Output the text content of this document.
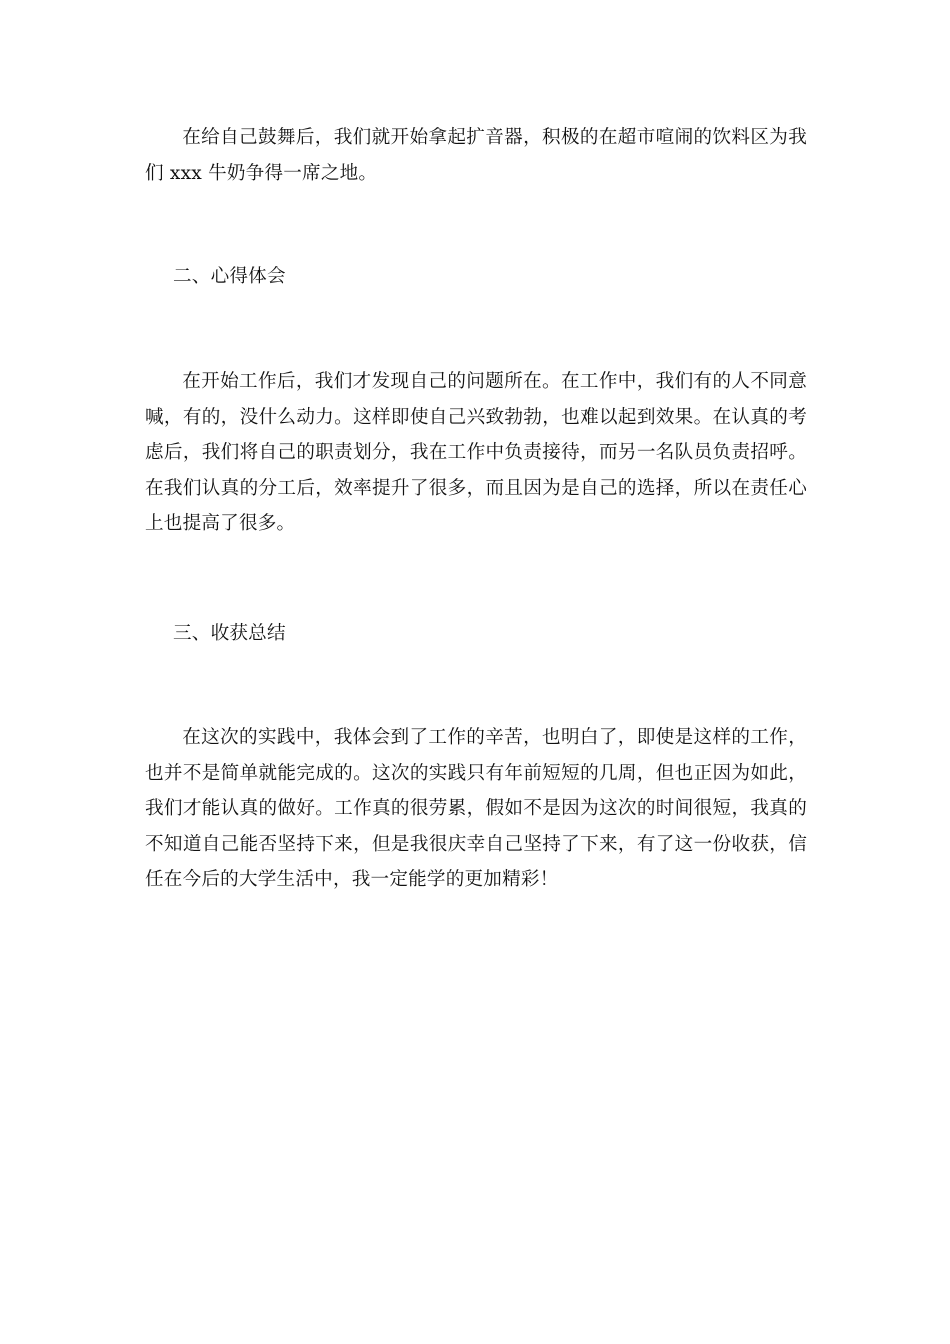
在给自己鼓舞后，我们就开始拿起扩音器，积极的在超市喧闹的饮料区为我们 xxx 牛奶争得一席之地。

二、心得体会

在开始工作后，我们才发现自己的问题所在。在工作中，我们有的人不同意喊，有的，没什么动力。这样即使自己兴致勃勃，也难以起到效果。在认真的考虑后，我们将自己的职责划分，我在工作中负责接待，而另一名队员负责招呼。在我们认真的分工后，效率提升了很多，而且因为是自己的选择，所以在责任心上也提高了很多。

三、收获总结

在这次的实践中，我体会到了工作的辛苦，也明白了，即使是这样的工作，也并不是简单就能完成的。这次的实践只有年前短短的几周，但也正因为如此，我们才能认真的做好。工作真的很劳累，假如不是因为这次的时间很短，我真的不知道自己能否坚持下来，但是我很庆幸自己坚持了下来，有了这一份收获，信任在今后的大学生活中，我一定能学的更加精彩！
